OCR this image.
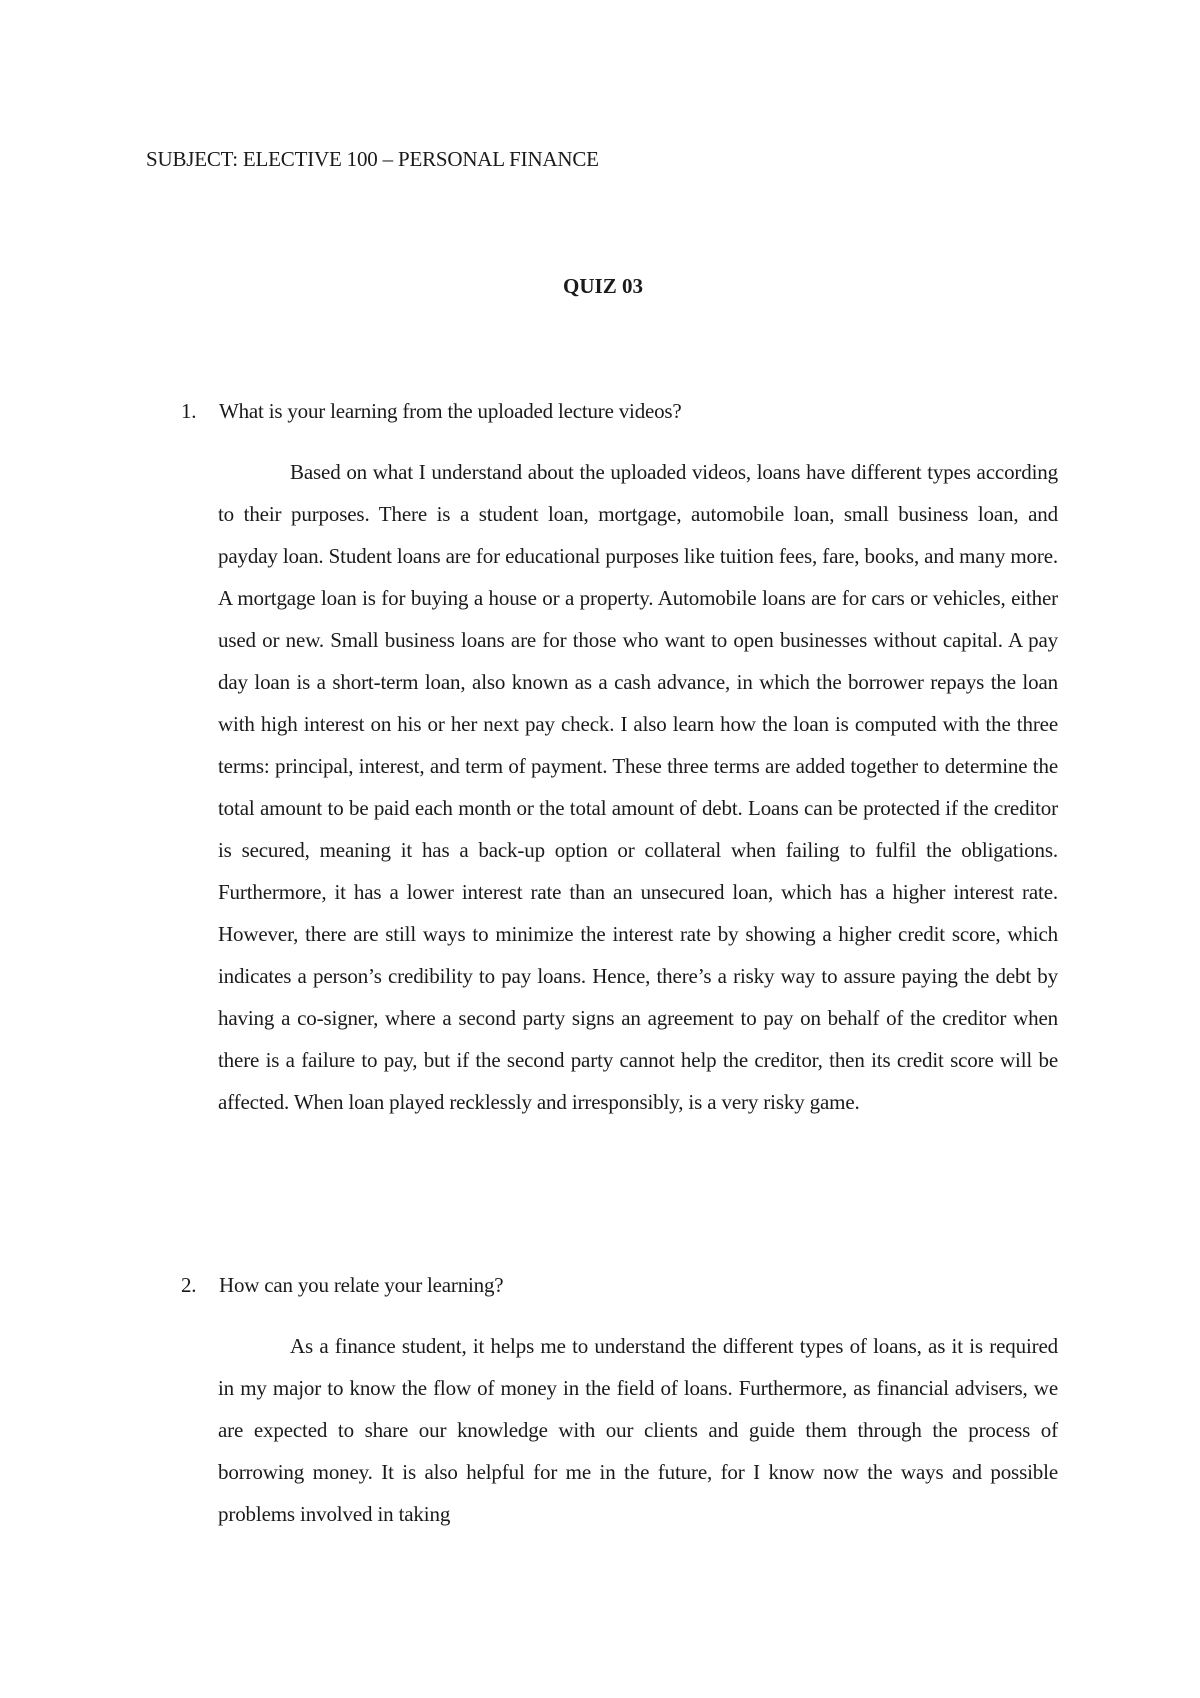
SUBJECT: ELECTIVE 100 – PERSONAL FINANCE
QUIZ 03
1. What is your learning from the uploaded lecture videos?

Based on what I understand about the uploaded videos, loans have different types according to their purposes. There is a student loan, mortgage, automobile loan, small business loan, and payday loan. Student loans are for educational purposes like tuition fees, fare, books, and many more. A mortgage loan is for buying a house or a property. Automobile loans are for cars or vehicles, either used or new. Small business loans are for those who want to open businesses without capital. A pay day loan is a short-term loan, also known as a cash advance, in which the borrower repays the loan with high interest on his or her next pay check. I also learn how the loan is computed with the three terms: principal, interest, and term of payment. These three terms are added together to determine the total amount to be paid each month or the total amount of debt. Loans can be protected if the creditor is secured, meaning it has a back-up option or collateral when failing to fulfil the obligations. Furthermore, it has a lower interest rate than an unsecured loan, which has a higher interest rate. However, there are still ways to minimize the interest rate by showing a higher credit score, which indicates a person’s credibility to pay loans. Hence, there’s a risky way to assure paying the debt by having a co-signer, where a second party signs an agreement to pay on behalf of the creditor when there is a failure to pay, but if the second party cannot help the creditor, then its credit score will be affected. When loan played recklessly and irresponsibly, is a very risky game.

2. How can you relate your learning?

As a finance student, it helps me to understand the different types of loans, as it is required in my major to know the flow of money in the field of loans. Furthermore, as financial advisers, we are expected to share our knowledge with our clients and guide them through the process of borrowing money. It is also helpful for me in the future, for I know now the ways and possible problems involved in taking
